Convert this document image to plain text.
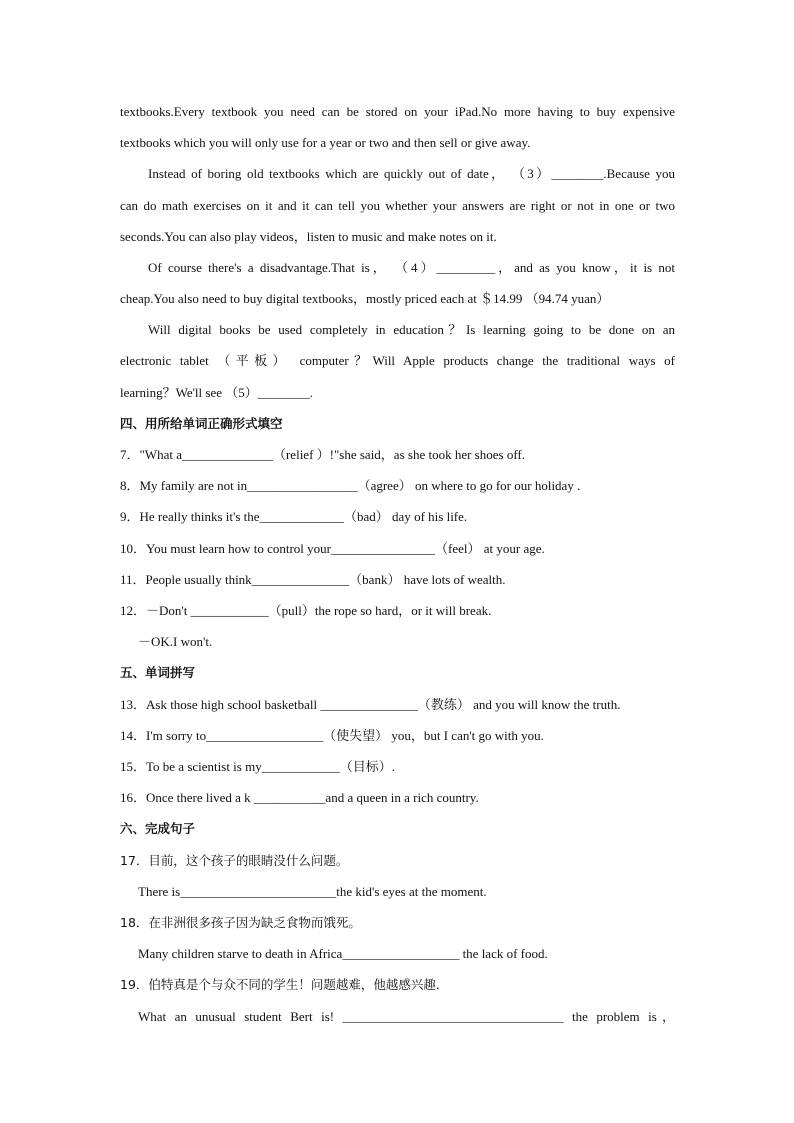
textbooks.Every textbook you need can be stored on your iPad.No more having to buy expensive
textbooks which you will only use for a year or two and then sell or give away.
Instead of boring old textbooks which are quickly out of date， （3）________.Because you
can do math exercises on it and it can tell you whether your answers are right or not in one or two
seconds.You can also play videos，listen to music and make notes on it.
Of course there's a disadvantage.That is， （4）_________，and as you know，it is not
cheap.You also need to buy digital textbooks，mostly priced each at ＄14.99 （94.74 yuan）
Will digital books be used completely in education？Is learning going to be done on an
electronic tablet （平板） computer？Will Apple products change the traditional ways of
learning？We'll see （5）________.
四、用所给单词正确形式填空
7．"What a______________（relief ）!"she said，as she took her shoes off.
8．My family are not in_________________（agree） on where to go for our holiday .
9．He really thinks it's the_____________（bad） day of his life.
10．You must learn how to control your________________（feel） at your age.
11．People usually think_______________（bank） have lots of wealth.
12．－Don't ____________（pull）the rope so hard，or it will break.
－OK.I won't.
五、单词拼写
13．Ask those high school basketball _______________（教练） and you will know the truth.
14．I'm sorry to__________________（使失望） you，but I can't go with you.
15．To be a scientist is my____________（目标）.
16．Once there lived a k ___________and a queen in a rich country.
六、完成句子
17．目前，这个孩子的眼睛没什么问题。
There is________________________the kid's eyes at the moment.
18．在非洲很多孩子因为缺乏食物而饿死。
Many children starve to death in Africa__________________ the lack of food.
19．伯特真是个与众不同的学生！问题越难，他越感兴趣．
What an unusual student Bert is! __________________________________ the problem is，
